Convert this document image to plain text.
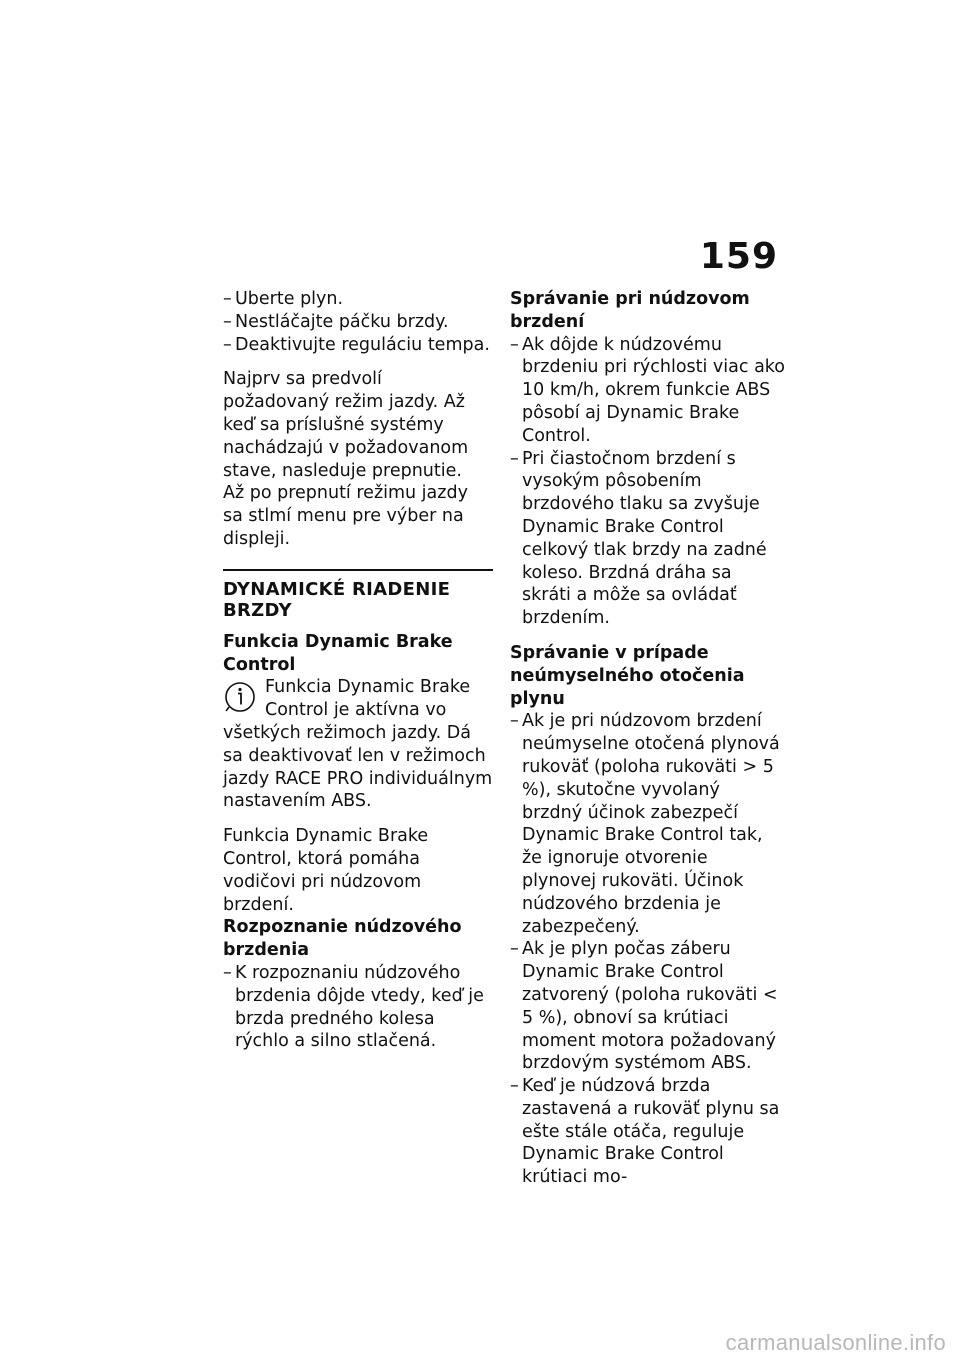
159
– Uberte plyn.
– Nestláčajte páčku brzdy.
– Deaktivujte reguláciu tempa.

Najprv sa predvolí požadovaný režim jazdy. Až keď sa príslušné systémy nachádzajú v požadovanom stave, nasleduje prepnutie.

Až po prepnutí režimu jazdy sa stlmí menu pre výber na displeji.

DYNAMICKÉ RIADENIE BRZDY
Funkcia Dynamic Brake Control
Funkcia Dynamic Brake Control je aktívna vo všetkých režimoch jazdy. Dá sa deaktivovať len v režimoch jazdy RACE PRO individuálnym nastavením ABS.

Funkcia Dynamic Brake Control, ktorá pomáha vodičovi pri núdzovom brzdení.

Rozpoznanie núdzového brzdenia
– K rozpoznaniu núdzového brzdenia dôjde vtedy, keď je brzda predného kolesa rýchlo a silno stlačená.
Správanie pri núdzovom brzdení
– Ak dôjde k núdzovému brzdeniu pri rýchlosti viac ako 10 km/h, okrem funkcie ABS pôsobí aj Dynamic Brake Control.
– Pri čiastočnom brzdení s vysokým pôsobením brzdového tlaku sa zvyšuje Dynamic Brake Control celkový tlak brzdy na zadné koleso. Brzdná dráha sa skráti a môže sa ovládať brzdením.
Správanie v prípade neúmyselného otočenia plynu
– Ak je pri núdzovom brzdení neúmyselne otočená plynová rukoväť (poloha rukoväti > 5 %), skutočne vyvolaný brzdný účinok zabezpečí Dynamic Brake Control tak, že ignoruje otvorenie plynovej rukoväti. Účinok núdzového brzdenia je zabezpečený.
– Ak je plyn počas záberu Dynamic Brake Control zatvorený (poloha rukoväti < 5 %), obnoví sa krútiaci moment motora požadovaný brzdovým systémom ABS.
– Keď je núdzová brzda zastavená a rukoväť plynu sa ešte stále otáča, reguluje Dynamic Brake Control krútiaci mo-
carmanualsonline.info
